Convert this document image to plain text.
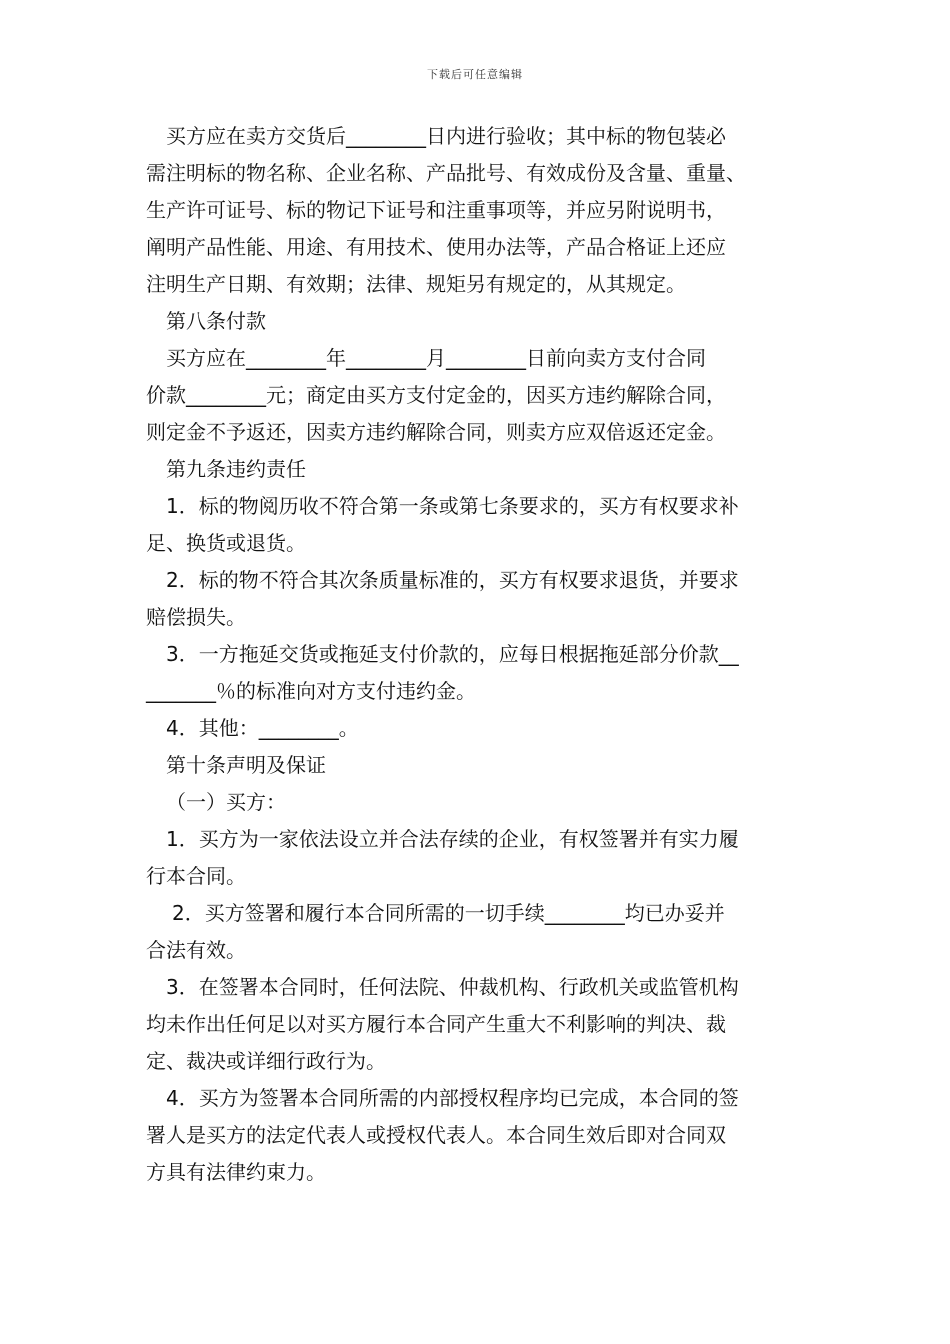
下载后可任意编辑
买方应在卖方交货后________日内进行验收；其中标的物包装必
需注明标的物名称、企业名称、产品批号、有效成份及含量、重量、
生产许可证号、标的物记下证号和注重事项等，并应另附说明书，
阐明产品性能、用途、有用技术、使用办法等，产品合格证上还应
注明生产日期、有效期；法律、规矩另有规定的，从其规定。
第八条付款
买方应在________年________月________日前向卖方支付合同
价款________元；商定由买方支付定金的，因买方违约解除合同，
则定金不予返还，因卖方违约解除合同，则卖方应双倍返还定金。
第九条违约责任
1．标的物阅历收不符合第一条或第七条要求的，买方有权要求补
足、换货或退货。
2．标的物不符合其次条质量标准的，买方有权要求退货，并要求
赔偿损失。
3．一方拖延交货或拖延支付价款的，应每日根据拖延部分价款__
_______％的标准向对方支付违约金。
4．其他：________。
第十条声明及保证
（一）买方：
1．买方为一家依法设立并合法存续的企业，有权签署并有实力履
行本合同。
2．买方签署和履行本合同所需的一切手续________均已办妥并
合法有效。
3．在签署本合同时，任何法院、仲裁机构、行政机关或监管机构
均未作出任何足以对买方履行本合同产生重大不利影响的判决、裁
定、裁决或详细行政行为。
4．买方为签署本合同所需的内部授权程序均已完成，本合同的签
署人是买方的法定代表人或授权代表人。本合同生效后即对合同双
方具有法律约束力。
